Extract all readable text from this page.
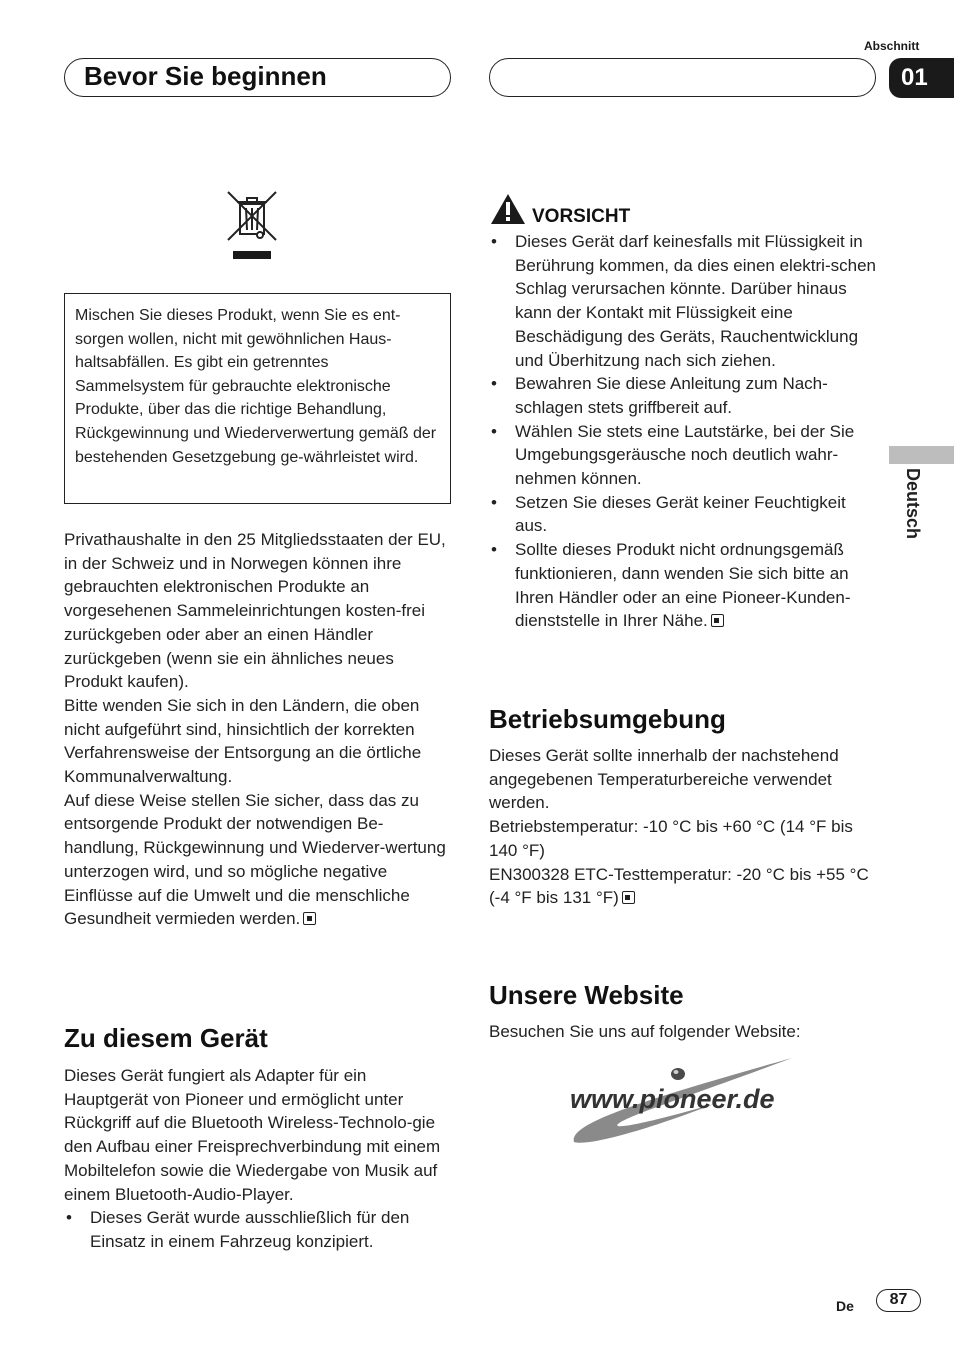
Bevor Sie beginnen
Abschnitt
01
Deutsch
Mischen Sie dieses Produkt, wenn Sie es ent-sorgen wollen, nicht mit gewöhnlichen Haus-haltsabfällen. Es gibt ein getrenntes Sammelsystem für gebrauchte elektronische Produkte, über das die richtige Behandlung, Rückgewinnung und Wiederverwertung gemäß der bestehenden Gesetzgebung ge-währleistet wird.

Privathaushalte in den 25 Mitgliedsstaaten der EU, in der Schweiz und in Norwegen können ihre gebrauchten elektronischen Produkte an vorgesehenen Sammeleinrichtungen kosten-frei zurückgeben oder aber an einen Händler zurückgeben (wenn sie ein ähnliches neues Produkt kaufen).

Bitte wenden Sie sich in den Ländern, die oben nicht aufgeführt sind, hinsichtlich der korrekten Verfahrensweise der Entsorgung an die örtliche Kommunalverwaltung.

Auf diese Weise stellen Sie sicher, dass das zu entsorgende Produkt der notwendigen Be-handlung, Rückgewinnung und Wiederver-wertung unterzogen wird, und so mögliche negative Einflüsse auf die Umwelt und die menschliche Gesundheit vermieden werden.

Zu diesem Gerät

Dieses Gerät fungiert als Adapter für ein Hauptgerät von Pioneer und ermöglicht unter Rückgriff auf die Bluetooth Wireless-Technolo-gie den Aufbau einer Freisprechverbindung mit einem Mobiltelefon sowie die Wiedergabe von Musik auf einem Bluetooth-Audio-Player.

• Dieses Gerät wurde ausschließlich für den Einsatz in einem Fahrzeug konzipiert.
VORSICHT
• Dieses Gerät darf keinesfalls mit Flüssigkeit in Berührung kommen, da dies einen elektri-schen Schlag verursachen könnte. Darüber hinaus kann der Kontakt mit Flüssigkeit eine Beschädigung des Geräts, Rauchentwicklung und Überhitzung nach sich ziehen.
• Bewahren Sie diese Anleitung zum Nach-schlagen stets griffbereit auf.
• Wählen Sie stets eine Lautstärke, bei der Sie Umgebungsgeräusche noch deutlich wahr-nehmen können.
• Setzen Sie dieses Gerät keiner Feuchtigkeit aus.
• Sollte dieses Produkt nicht ordnungsgemäß funktionieren, dann wenden Sie sich bitte an Ihren Händler oder an eine Pioneer-Kunden-dienststelle in Ihrer Nähe.
Betriebsumgebung

Dieses Gerät sollte innerhalb der nachstehend angegebenen Temperaturbereiche verwendet werden.

Betriebstemperatur: -10 °C bis +60 °C (14 °F bis 140 °F)

EN300328 ETC-Testtemperatur: -20 °C bis +55 °C (-4 °F bis 131 °F)

Unsere Website
Besuchen Sie uns auf folgender Website:
www.pioneer.de
De	87
